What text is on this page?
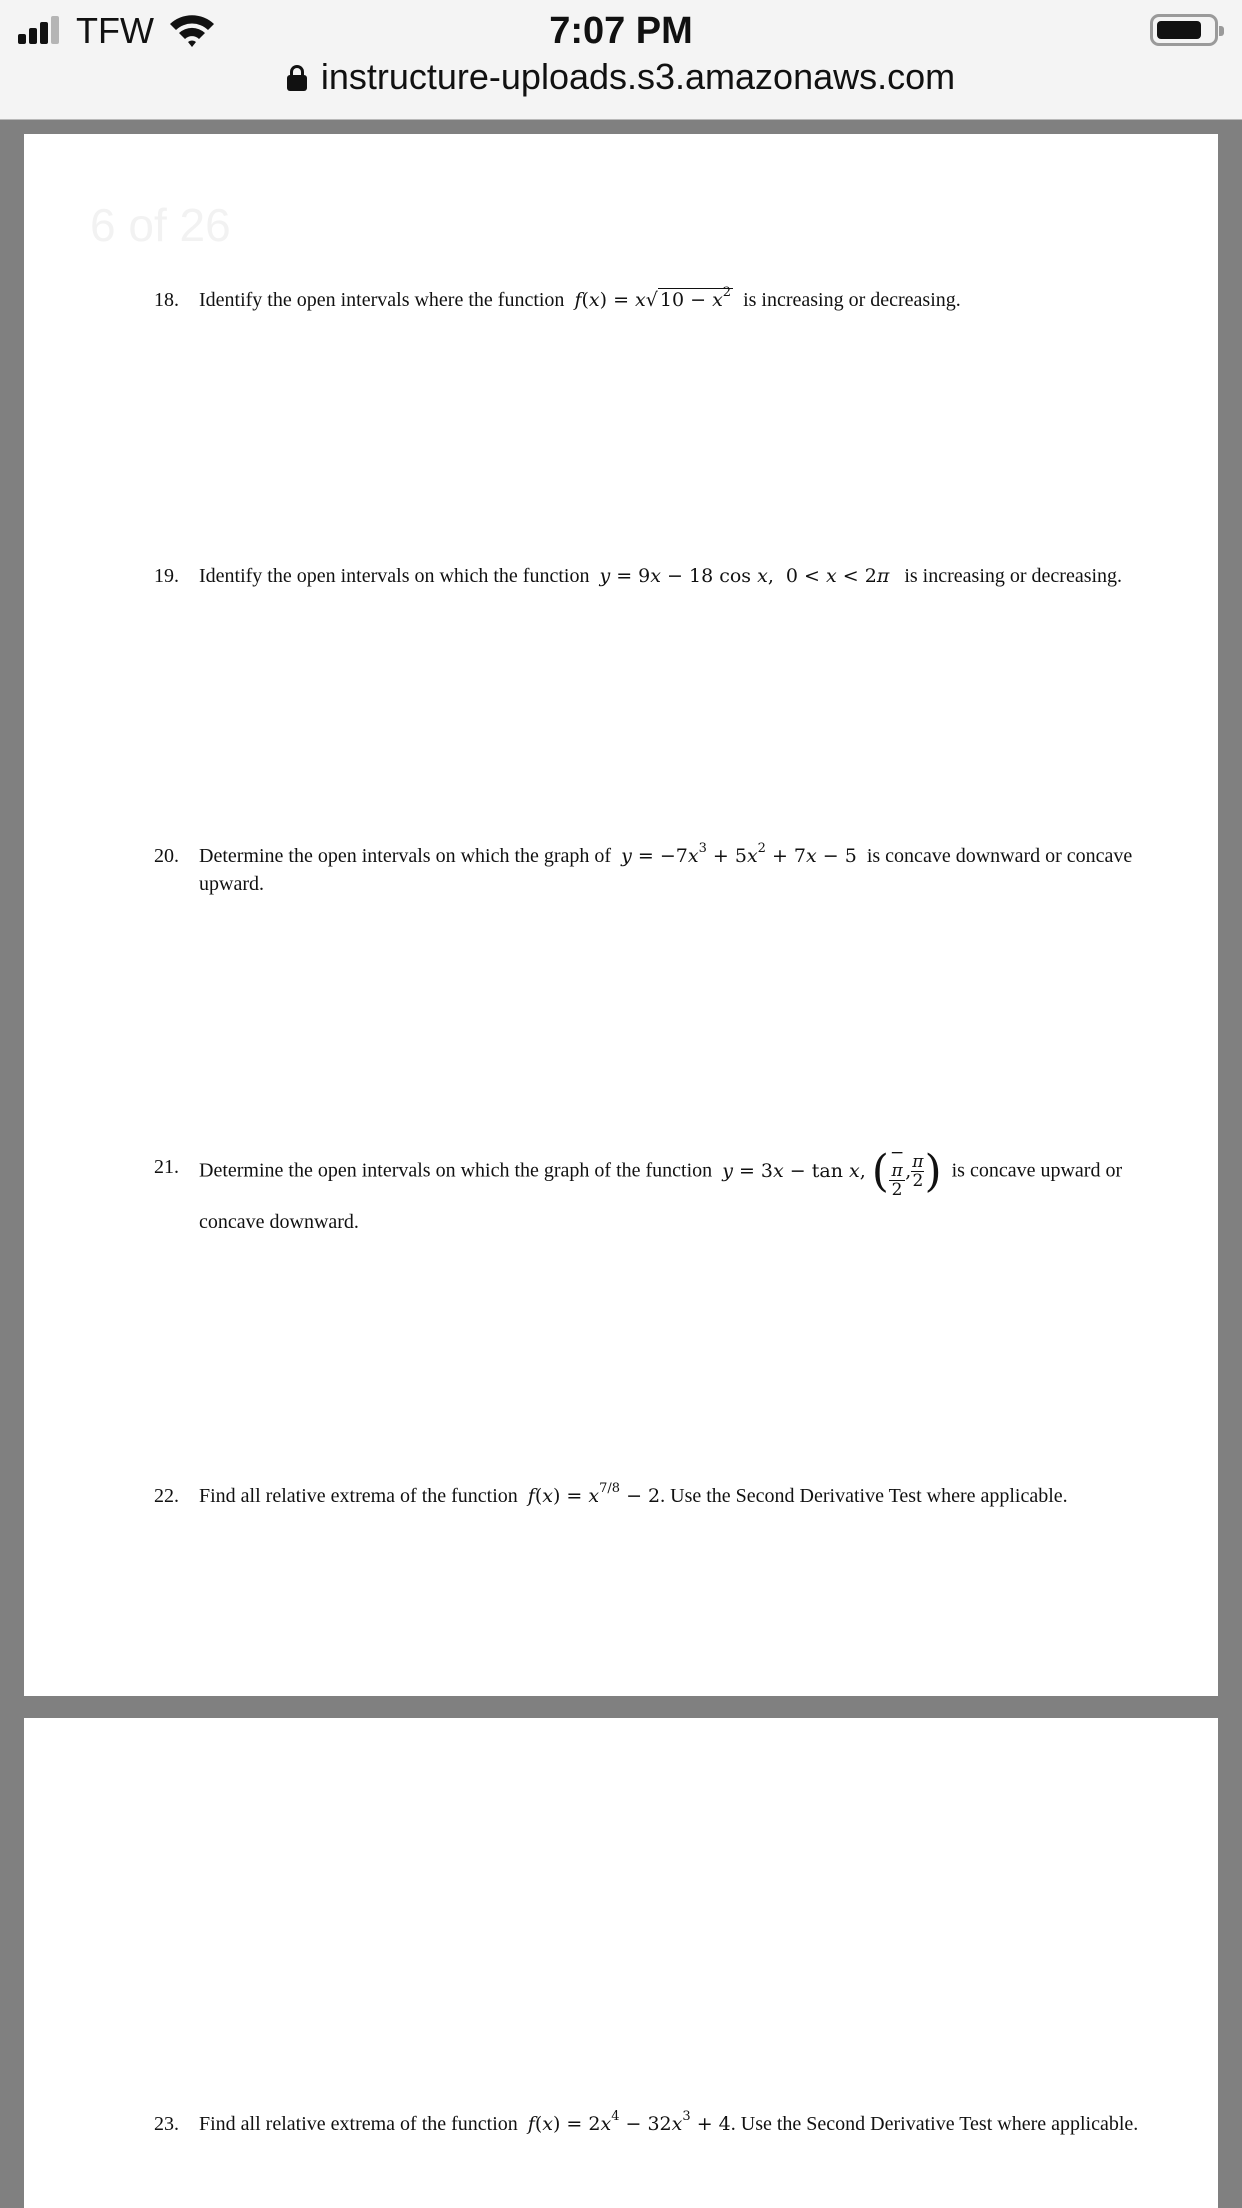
TFW	7:07 PM
instructure-uploads.s3.amazonaws.com
6 of 26
18. Identify the open intervals where the function f(x) = x√ $10 - x^2$ is increasing or decreasing.
19. Identify the open intervals on which the function y = 9x − 18 cos x,  0 < x < 2π is increasing or decreasing.
20. Determine the open intervals on which the graph of $y = -7x^3 + 5x^2 + 7x - 5$ is concave downward or concave upward.
21. Determine the open intervals on which the graph of the function y = 3x − tan x, ( −
π
2 , $\frac{\pi}{2}$ ) is concave upward or concave downward.
22. Find all relative extrema of the function $f(x) = x^{7/8} - 2$. Use the Second Derivative Test where applicable.
23. Find all relative extrema of the function $f(x) = 2x^4 - 32x^3 + 4$. Use the Second Derivative Test where applicable.
